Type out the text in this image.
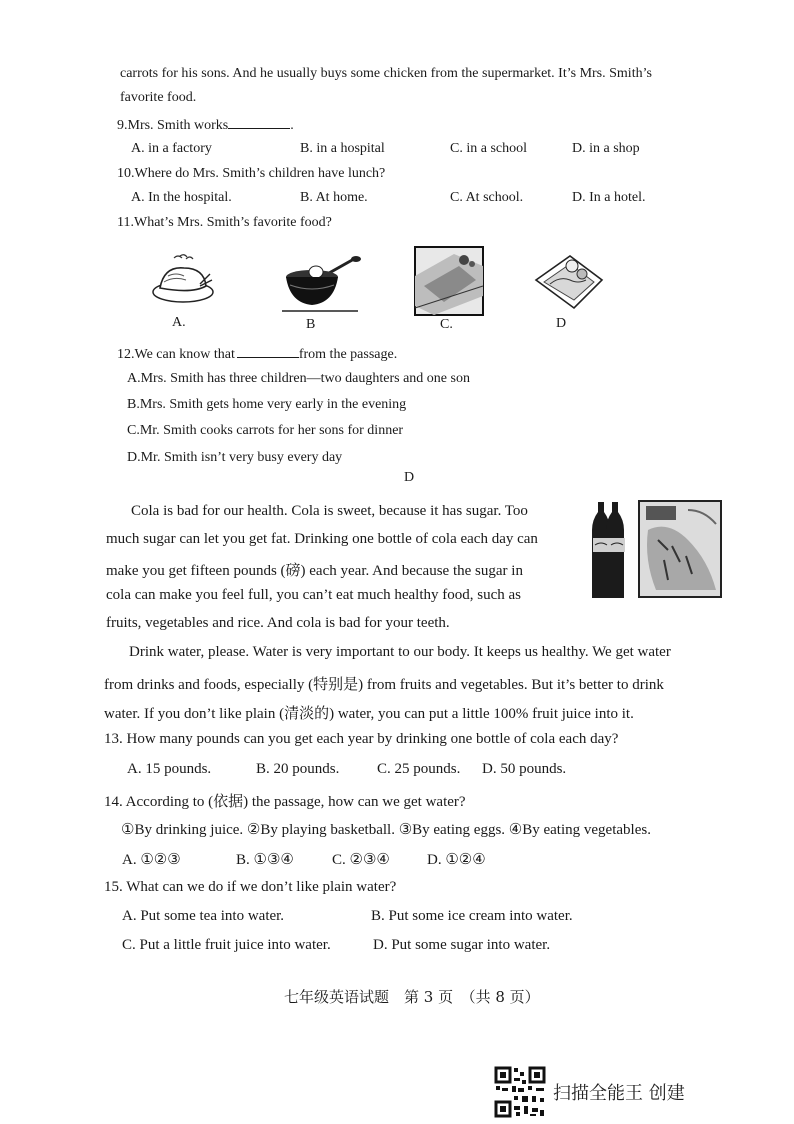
carrots for his sons. And he usually buys some chicken from the supermarket. It’s Mrs. Smith’s
favorite food.
9.Mrs. Smith works	.
A. in a factory	B. in a hospital	C. in a school	D. in a shop
10.Where do Mrs. Smith’s children have lunch?
A. In the hospital.	B. At home.	C. At school.	D. In a hotel.
11.What’s Mrs. Smith’s favorite food?
A.	B	C.	D
12.We can know that	from the passage.
A.Mrs. Smith has three children—two daughters and one son
B.Mrs. Smith gets home very early in the evening
C.Mr. Smith cooks carrots for her sons for dinner
D.Mr. Smith isn’t very busy every day
D
Cola is bad for our health. Cola is sweet, because it has sugar. Too
much sugar can let you get fat. Drinking one bottle of cola each day can
make you get fifteen pounds (磅) each year. And because the sugar in
cola can make you feel full, you can’t eat much healthy food, such as
fruits, vegetables and rice. And cola is bad for your teeth.
Drink water, please. Water is very important to our body. It keeps us healthy. We get water
from drinks and foods, especially (特别是) from fruits and vegetables. But it’s better to drink
water. If you don’t like plain (清淡的) water, you can put a little 100% fruit juice into it.
13. How many pounds can you get each year by drinking one bottle of cola each day?
A. 15 pounds.	B. 20 pounds.	C. 25 pounds. D. 50 pounds.
14. According to (依据) the passage, how can we get water?
①By drinking juice. ②By playing basketball. ③By eating eggs. ④By eating vegetables.
A. ①②③	B. ①③④	C. ②③④ D. ①②④
15. What can we do if we don’t like plain water?
A. Put some tea into water.	B. Put some ice cream into water.
C. Put a little fruit juice into water.	D. Put some sugar into water.
七年级英语试题　第 3 页　（共 8 页）
扫描全能王 创建
